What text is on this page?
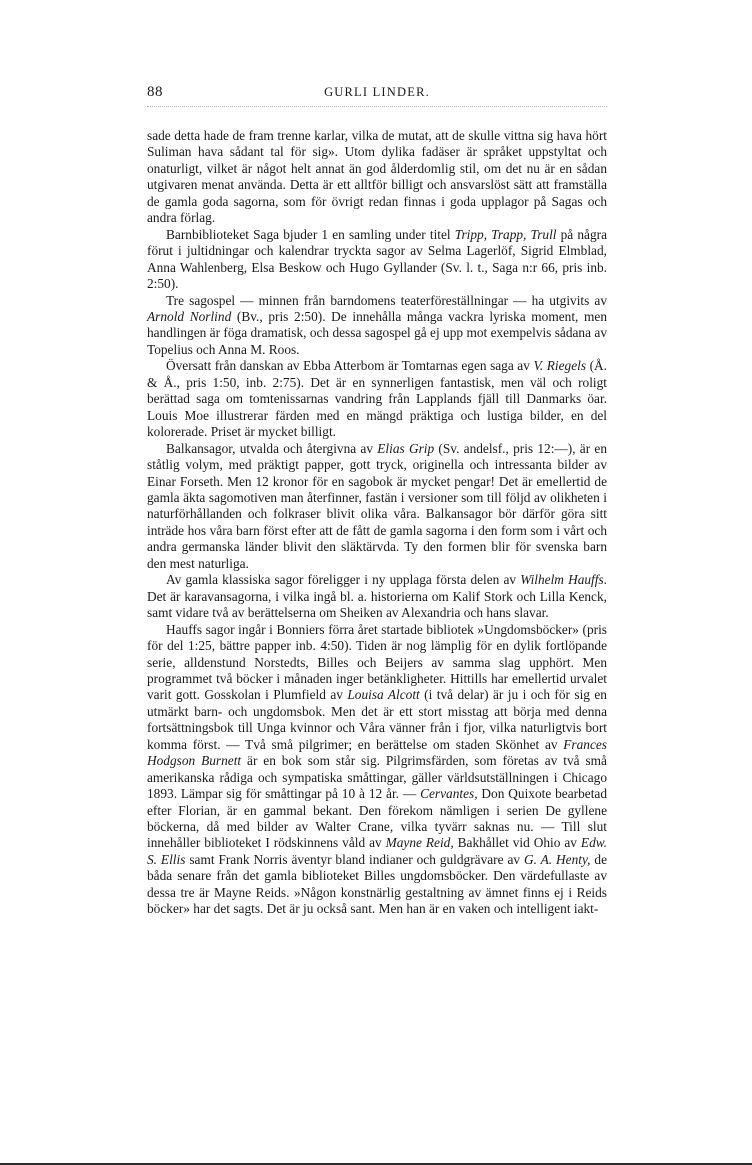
88	GURLI LINDER.

sade detta hade de fram trenne karlar, vilka de mutat, att de skulle vittna sig hava hört Suliman hava sådant tal för sig». Utom dylika fadäser är språket uppstyltat och onaturligt, vilket är något helt annat än god ålderdomlig stil, om det nu är en sådan utgivaren menat använda. Detta är ett alltför billigt och ansvarslöst sätt att framställa de gamla goda sagorna, som för övrigt redan finnas i goda upplagor på Sagas och andra förlag.

Barnbiblioteket Saga bjuder 1 en samling under titel Tripp, Trapp, Trull på några förut i jultidningar och kalendrar tryckta sagor av Selma Lagerlöf, Sigrid Elmblad, Anna Wahlenberg, Elsa Beskow och Hugo Gyllander (Sv. l. t., Saga n:r 66, pris inb. 2:50).

Tre sagospel — minnen från barndomens teaterföreställningar — ha utgivits av Arnold Norlind (Bv., pris 2:50). De innehålla många vackra lyriska moment, men handlingen är föga dramatisk, och dessa sagospel gå ej upp mot exempelvis sådana av Topelius och Anna M. Roos.

Översatt från danskan av Ebba Atterbom är Tomtarnas egen saga av V. Riegels (Å. & Å., pris 1:50, inb. 2:75). Det är en synnerligen fantastisk, men väl och roligt berättad saga om tomtenissarnas vandring från Lapplands fjäll till Danmarks öar. Louis Moe illustrerar färden med en mängd präktiga och lustiga bilder, en del kolorerade. Priset är mycket billigt.

Balkansagor, utvalda och återgivna av Elias Grip (Sv. andelsf., pris 12:—), är en ståtlig volym, med präktigt papper, gott tryck, originella och intressanta bilder av Einar Forseth. Men 12 kronor för en sagobok är mycket pengar! Det är emellertid de gamla äkta sagomotiven man återfinner, fastän i versioner som till följd av olikheten i naturförhållanden och folkraser blivit olika våra. Balkansagor bör därför göra sitt inträde hos våra barn först efter att de fått de gamla sagorna i den form som i vårt och andra germanska länder blivit den släktärvda. Ty den formen blir för svenska barn den mest naturliga.

Av gamla klassiska sagor föreligger i ny upplaga första delen av Wilhelm Hauffs. Det är karavansagorna, i vilka ingå bl. a. historierna om Kalif Stork och Lilla Kenck, samt vidare två av berättelserna om Sheiken av Alexandria och hans slavar.

Hauffs sagor ingår i Bonniers förra året startade bibliotek »Ungdomsböcker» (pris för del 1:25, bättre papper inb. 4:50). Tiden är nog lämplig för en dylik fortlöpande serie, alldenstund Norstedts, Billes och Beijers av samma slag upphört. Men programmet två böcker i månaden inger betänkligheter. Hittills har emellertid urvalet varit gott. Gosskolan i Plumfield av Louisa Alcott (i två delar) är ju i och för sig en utmärkt barn- och ungdomsbok. Men det är ett stort misstag att börja med denna fortsättningsbok till Unga kvinnor och Våra vänner från i fjor, vilka naturligtvis bort komma först. — Två små pilgrimer; en berättelse om staden Skönhet av Frances Hodgson Burnett är en bok som står sig. Pilgrimsfärden, som företas av två små amerikanska rådiga och sympatiska småttingar, gäller världsutställningen i Chicago 1893. Lämpar sig för småttingar på 10 à 12 år. — Cervantes, Don Quixote bearbetad efter Florian, är en gammal bekant. Den förekom nämligen i serien De gyllene böckerna, då med bilder av Walter Crane, vilka tyvärr saknas nu. — Till slut innehåller biblioteket I rödskinnens våld av Mayne Reid, Bakhållet vid Ohio av Edw. S. Ellis samt Frank Norris äventyr bland indianer och guldgrävare av G. A. Henty, de båda senare från det gamla biblioteket Billes ungdomsböcker. Den värdefullaste av dessa tre är Mayne Reids. »Någon konstnärlig gestaltning av ämnet finns ej i Reids böcker» har det sagts. Det är ju också sant. Men han är en vaken och intelligent iakt-
